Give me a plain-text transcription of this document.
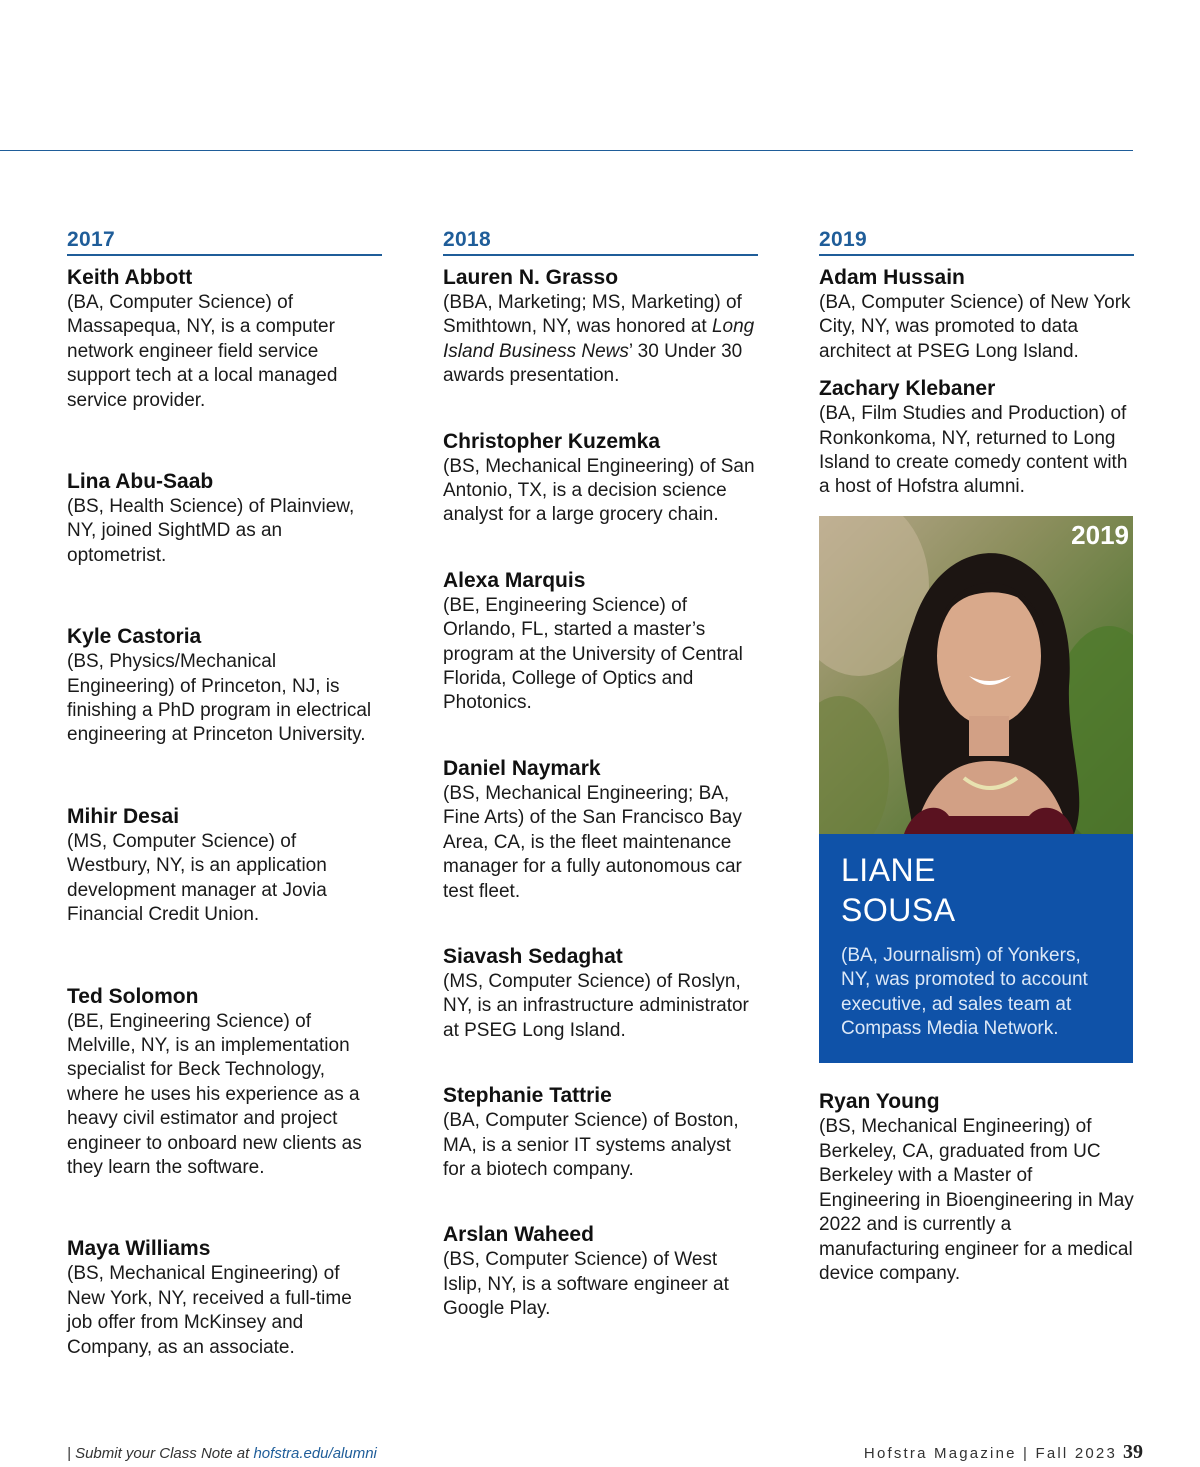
2017
Keith Abbott
(BA, Computer Science) of Massapequa, NY, is a computer network engineer field service support tech at a local managed service provider.
Lina Abu-Saab
(BS, Health Science) of Plainview, NY, joined SightMD as an optometrist.
Kyle Castoria
(BS, Physics/Mechanical Engineering) of Princeton, NJ, is finishing a PhD program in electrical engineering at Princeton University.
Mihir Desai
(MS, Computer Science) of Westbury, NY, is an application development manager at Jovia Financial Credit Union.
Ted Solomon
(BE, Engineering Science) of Melville, NY, is an implementation specialist for Beck Technology, where he uses his experience as a heavy civil estimator and project engineer to onboard new clients as they learn the software.
Maya Williams
(BS, Mechanical Engineering) of New York, NY, received a full-time job offer from McKinsey and Company, as an associate.
2018
Lauren N. Grasso
(BBA, Marketing; MS, Marketing) of Smithtown, NY, was honored at Long Island Business News’ 30 Under 30 awards presentation.
Christopher Kuzemka
(BS, Mechanical Engineering) of San Antonio, TX, is a decision science analyst for a large grocery chain.
Alexa Marquis
(BE, Engineering Science) of Orlando, FL, started a master’s program at the University of Central Florida, College of Optics and Photonics.
Daniel Naymark
(BS, Mechanical Engineering; BA, Fine Arts) of the San Francisco Bay Area, CA, is the fleet maintenance manager for a fully autonomous car test fleet.
Siavash Sedaghat
(MS, Computer Science) of Roslyn, NY, is an infrastructure administrator at PSEG Long Island.
Stephanie Tattrie
(BA, Computer Science) of Boston, MA, is a senior IT systems analyst for a biotech company.
Arslan Waheed
(BS, Computer Science) of West Islip, NY, is a software engineer at Google Play.
2019
Adam Hussain
(BA, Computer Science) of New York City, NY, was promoted to data architect at PSEG Long Island.
Zachary Klebaner
(BA, Film Studies and Production) of Ronkonkoma, NY, returned to Long Island to create comedy content with a host of Hofstra alumni.
2019
LIANE
SOUSA
(BA, Journalism) of Yonkers, NY, was promoted to account executive, ad sales team at Compass Media Network.
Ryan Young
(BS, Mechanical Engineering) of Berkeley, CA, graduated from UC Berkeley with a Master of Engineering in Bioengineering in May 2022 and is currently a manufacturing engineer for a medical device company.
| Submit your Class Note at hofstra.edu/alumni	Hofstra Magazine | Fall 2023 39
